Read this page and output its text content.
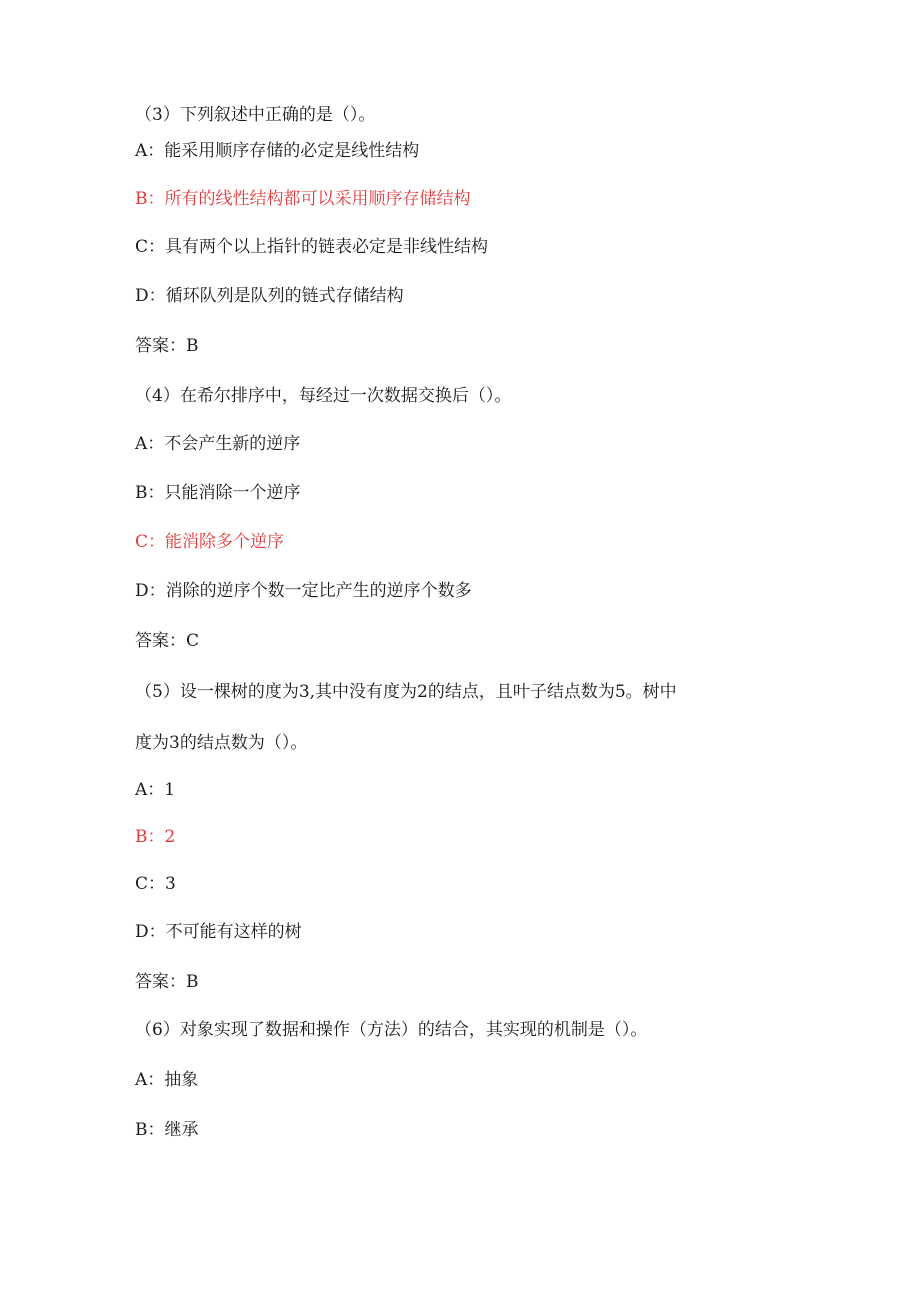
（3）下列叙述中正确的是（）。
A：能采用顺序存储的必定是线性结构
B：所有的线性结构都可以采用顺序存储结构
C：具有两个以上指针的链表必定是非线性结构
D：循环队列是队列的链式存储结构
答案：B
（4）在希尔排序中，每经过一次数据交换后（）。
A：不会产生新的逆序
B：只能消除一个逆序
C：能消除多个逆序
D：消除的逆序个数一定比产生的逆序个数多
答案：C
（5）设一棵树的度为3,其中没有度为2的结点，且叶子结点数为5。树中
度为3的结点数为（）。
A：1
B：2
C：3
D：不可能有这样的树
答案：B
（6）对象实现了数据和操作（方法）的结合，其实现的机制是（）。
A：抽象
B：继承
